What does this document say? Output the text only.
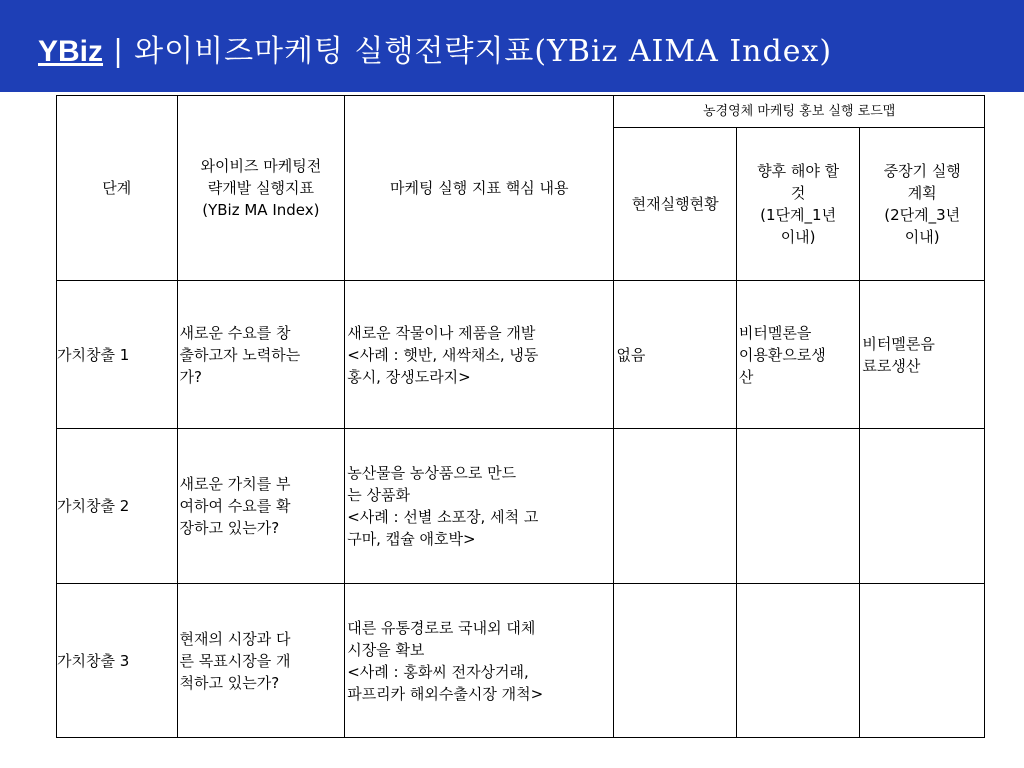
YBiz | 와이비즈마케팅 실행전략지표(YBiz AIMA Index)
단계	와이비즈 마케팅전
략개발 실행지표
(YBiz MA Index)	마케팅 실행 지표 핵심 내용	농경영체 마케팅 홍보 실행 로드맵		
			현재실행현황	향후 해야 할
것
(1단계_1년
이내)	중장기 실행
계획
(2단계_3년
이내)
가치창출 1	새로운 수요를 창
출하고자 노력하는
가?	새로운 작물이나 제품을 개발
<사례 : 햇반, 새싹채소, 냉동
홍시, 장생도라지>	없음	비터멜론을
이용환으로생
산	비터멜론음
료로생산
가치창출 2	새로운 가치를 부
여하여 수요를 확
장하고 있는가?	농산물을 농상품으로 만드
는 상품화
<사례 : 선별 소포장, 세척 고
구마, 캡슐 애호박>			
가치창출 3	현재의 시장과 다
른 목표시장을 개
척하고 있는가?	대른 유통경로로 국내외 대체
시장을 확보
<사례 : 홍화씨 전자상거래,
파프리카 해외수출시장 개척>			
